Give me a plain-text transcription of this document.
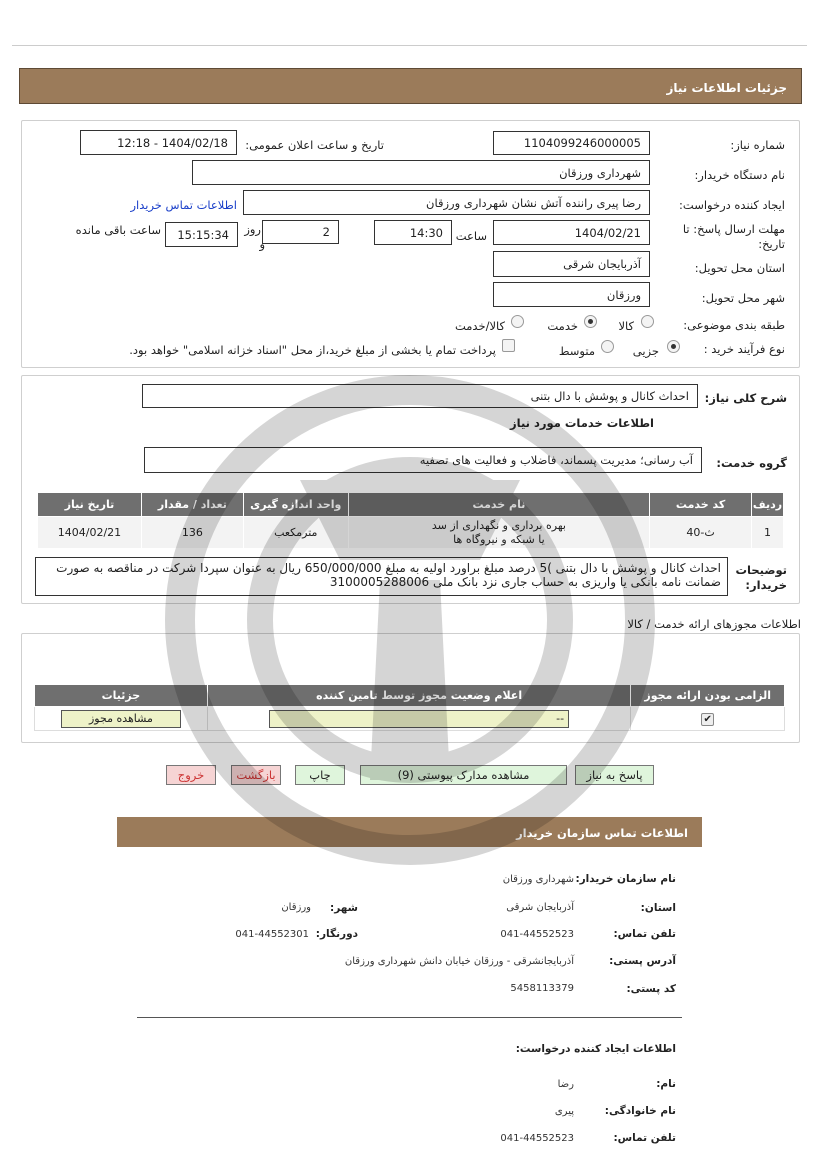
جزئیات اطلاعات نیاز
شماره نیاز:
1104099246000005
تاریخ و ساعت اعلان عمومی:
1404/02/18 - 12:18
نام دستگاه خریدار:
شهرداری ورزقان
ایجاد کننده درخواست:
رضا پیری راننده آتش نشان شهرداری ورزقان
اطلاعات تماس خریدار
مهلت ارسال پاسخ: تا تاریخ:
1404/02/21
ساعت
14:30
2
روز
و
15:15:34
ساعت باقی مانده
استان محل تحویل:
آذربایجان شرقی
شهر محل تحویل:
ورزقان
طبقه بندی موضوعی:
کالا
خدمت
کالا/خدمت
نوع فرآیند خرید :
جزیی
متوسط
پرداخت تمام یا بخشی از مبلغ خرید،از محل "اسناد خزانه اسلامی" خواهد بود.
شرح کلی نیاز:
احداث کانال و پوشش با دال بتنی
اطلاعات خدمات مورد نیاز
گروه خدمت:
آب رسانی؛ مدیریت پسماند، فاضلاب و فعالیت های تصفیه
ردیف	کد خدمت	نام خدمت	واحد اندازه گیری	تعداد / مقدار	تاریخ نیاز
1	ث-40	بهره برداری و نگهداری از سد
یا شبکه و نیروگاه ها	مترمکعب	136	1404/02/21
توضیحات خریدار:
احداث کانال و پوشش با دال بتنی )5 درصد مبلغ براورد اولیه به مبلغ 650/000/000 ریال به عنوان سپردا شرکت در مناقصه به صورت ضمانت نامه بانکی یا واریزی به حساب جاری نزد بانک ملی 3100005288006
اطلاعات مجوزهای ارائه خدمت / کالا
الزامی بودن ارائه مجوز	اعلام وضعیت مجوز توسط تامین کننده	جزئیات
✔	--	مشاهده مجوز
پاسخ به نیاز
مشاهده مدارک پیوستی (9)
چاپ
بازگشت
خروج
اطلاعات تماس سازمان خریدار
نام سازمان خریدار:
شهرداری ورزقان
استان:
آذربایجان شرقی
شهر:
ورزقان
تلفن تماس:
041-44552523
دورنگار:
041-44552301
آدرس پستی:
آذربایجانشرقی - ورزقان خیابان دانش شهرداری ورزقان
کد پستی:
5458113379
اطلاعات ایجاد کننده درخواست:
نام:
رضا
نام خانوادگی:
پیری
تلفن تماس:
041-44552523
